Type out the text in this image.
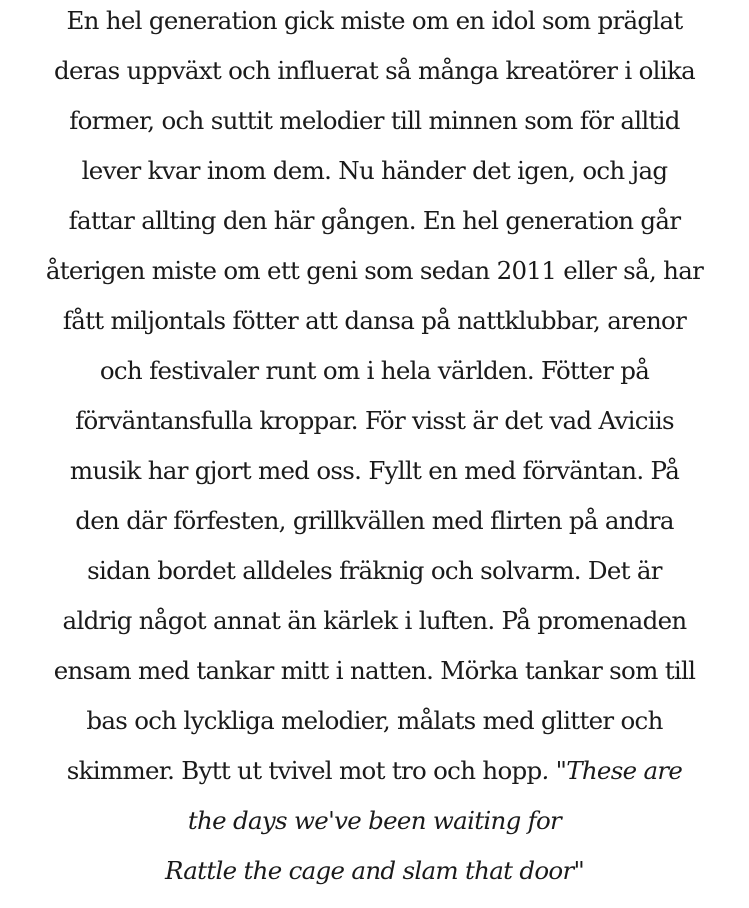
En hel generation gick miste om en idol som präglat
deras uppväxt och influerat så många kreatörer i olika
former, och suttit melodier till minnen som för alltid
lever kvar inom dem. Nu händer det igen, och jag
fattar allting den här gången. En hel generation går
återigen miste om ett geni som sedan 2011 eller så, har
fått miljontals fötter att dansa på nattklubbar, arenor
och festivaler runt om i hela världen. Fötter på
förväntansfulla kroppar. För visst är det vad Aviciis
musik har gjort med oss. Fyllt en med förväntan. På
den där förfesten, grillkvällen med flirten på andra
sidan bordet alldeles fräknig och solvarm. Det är
aldrig något annat än kärlek i luften. På promenaden
ensam med tankar mitt i natten. Mörka tankar som till
bas och lyckliga melodier, målats med glitter och
skimmer. Bytt ut tvivel mot tro och hopp. "These are
the days we've been waiting for
Rattle the cage and slam that door"
